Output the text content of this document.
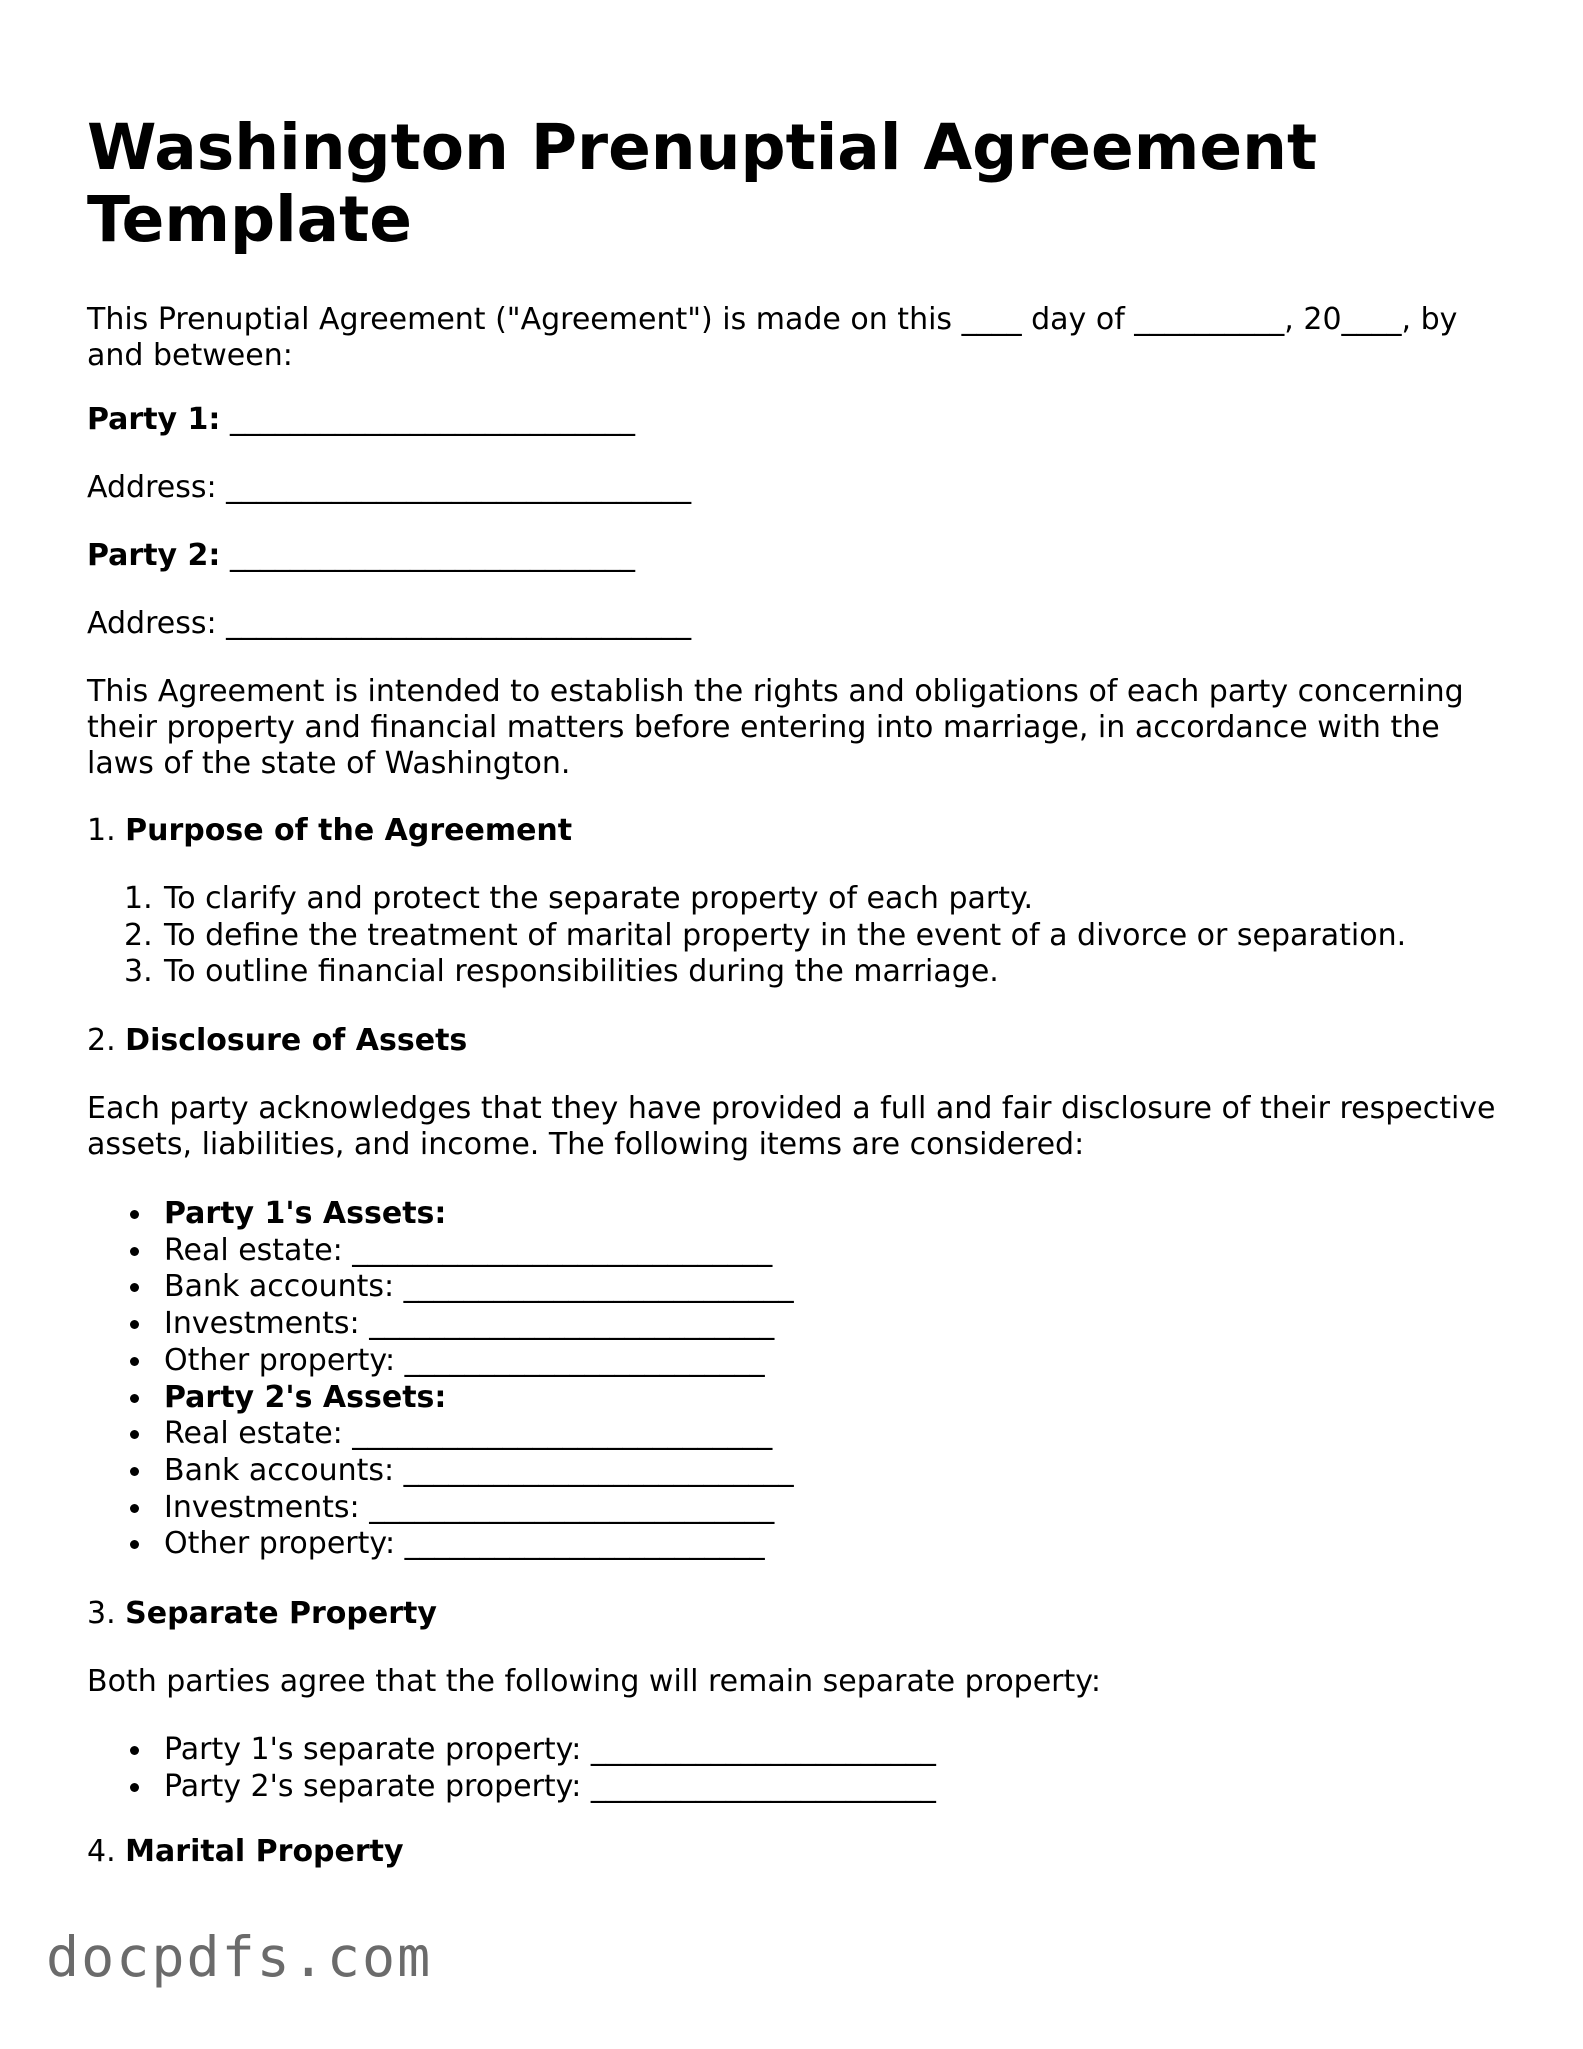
Washington Prenuptial Agreement Template

This Prenuptial Agreement ("Agreement") is made on this ____ day of __________, 20____, by and between:

Party 1: ___________________________
Address: _______________________________
Party 2: ___________________________
Address: _______________________________

This Agreement is intended to establish the rights and obligations of each party concerning their property and financial matters before entering into marriage, in accordance with the laws of the state of Washington.

1. Purpose of the Agreement
1. To clarify and protect the separate property of each party.
2. To define the treatment of marital property in the event of a divorce or separation.
3. To outline financial responsibilities during the marriage.
2. Disclosure of Assets

Each party acknowledges that they have provided a full and fair disclosure of their respective assets, liabilities, and income. The following items are considered:

Party 1's Assets:
Real estate: ____________________________
Bank accounts: __________________________
Investments: ___________________________
Other property: ________________________
Party 2's Assets:
Real estate: ____________________________
Bank accounts: __________________________
Investments: ___________________________
Other property: ________________________
3. Separate Property

Both parties agree that the following will remain separate property:

Party 1's separate property: _______________________
Party 2's separate property: _______________________
4. Marital Property
docpdfs.com
